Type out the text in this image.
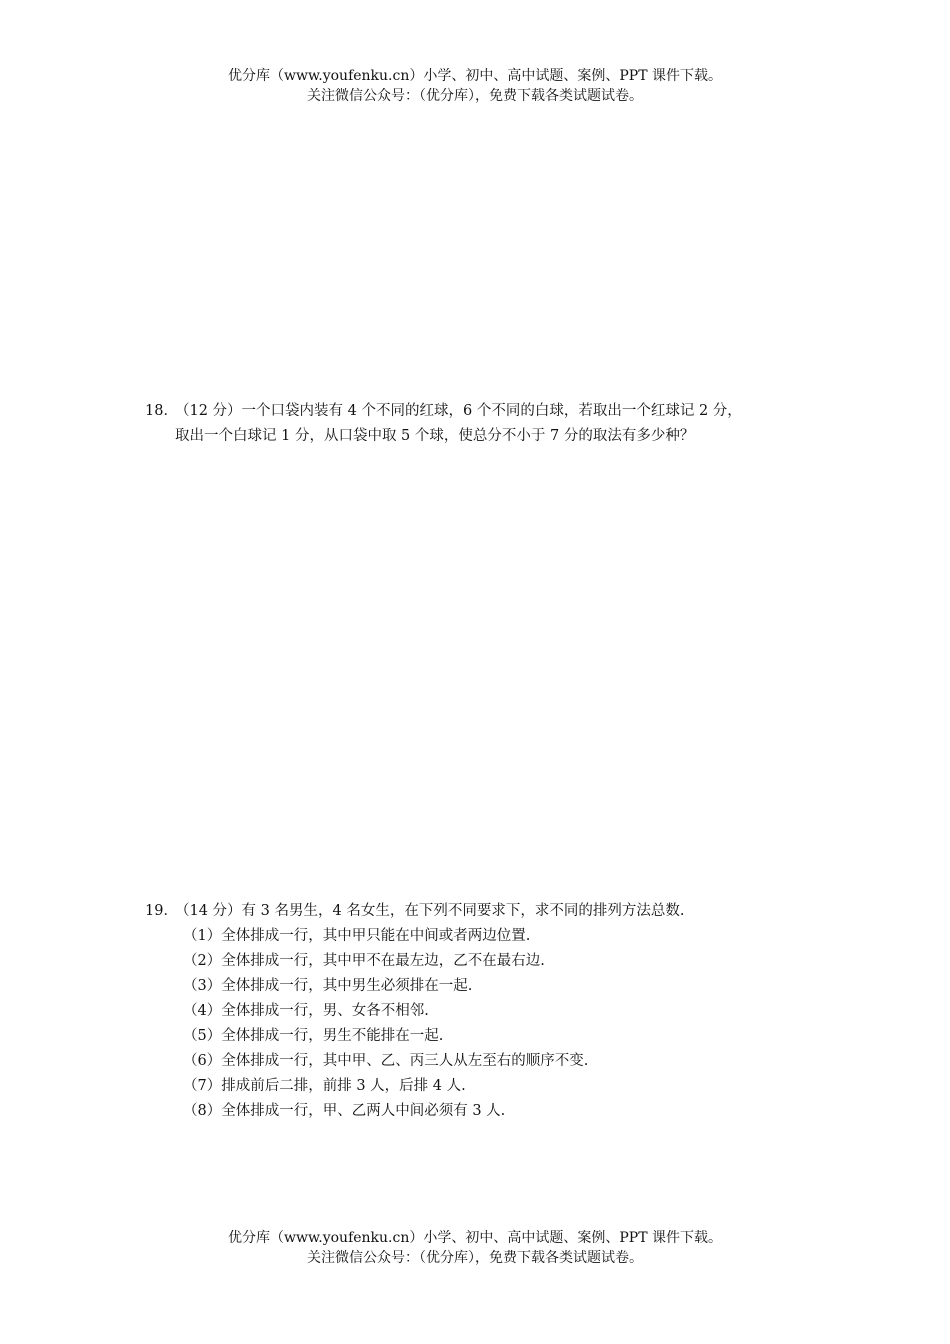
优分库（www.youfenku.cn）小学、初中、高中试题、案例、PPT 课件下载。
关注微信公众号：（优分库），免费下载各类试题试卷。
18．（12 分）一个口袋内装有 4 个不同的红球，6 个不同的白球，若取出一个红球记 2 分，
取出一个白球记 1 分，从口袋中取 5 个球，使总分不小于 7 分的取法有多少种？
19．（14 分）有 3 名男生，4 名女生，在下列不同要求下，求不同的排列方法总数.
（1）全体排成一行，其中甲只能在中间或者两边位置.
（2）全体排成一行，其中甲不在最左边，乙不在最右边.
（3）全体排成一行，其中男生必须排在一起.
（4）全体排成一行，男、女各不相邻.
（5）全体排成一行，男生不能排在一起.
（6）全体排成一行，其中甲、乙、丙三人从左至右的顺序不变.
（7）排成前后二排，前排 3 人，后排 4 人.
（8）全体排成一行，甲、乙两人中间必须有 3 人.
优分库（www.youfenku.cn）小学、初中、高中试题、案例、PPT 课件下载。
关注微信公众号：（优分库），免费下载各类试题试卷。
